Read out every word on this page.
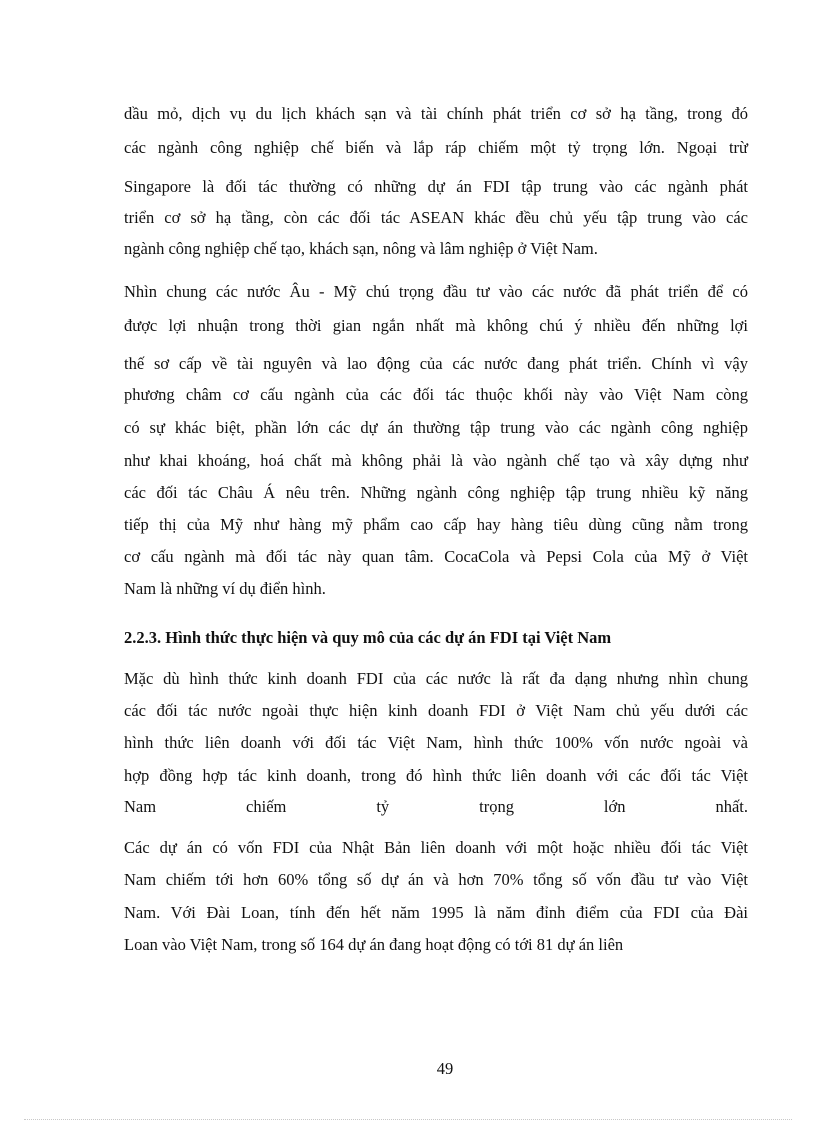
dầu mỏ, dịch vụ du lịch khách sạn và tài chính phát triển cơ sở hạ tầng, trong đó
các ngành công nghiệp chế biến và lắp ráp chiếm một tỷ trọng lớn. Ngoại trừ
Singapore là đối tác thường có những dự án FDI tập trung vào các ngành phát
triển cơ sở hạ tầng, còn các đối tác ASEAN khác đều chủ yếu tập trung vào các
ngành công nghiệp chế tạo, khách sạn, nông và lâm nghiệp ở Việt Nam.
Nhìn chung các nước Âu - Mỹ chú trọng đầu tư vào các nước đã phát triển để có
được lợi nhuận trong thời gian ngắn nhất mà không chú ý nhiều đến những lợi
thế sơ cấp về tài nguyên và lao động của các nước đang phát triển. Chính vì vậy
phương châm cơ cấu ngành của các đối tác thuộc khối này vào Việt Nam còng
có sự khác biệt, phần lớn các dự án thường tập trung vào các ngành công nghiệp
như khai khoáng, hoá chất mà không phải là vào ngành chế tạo và xây dựng như
các đối tác Châu Á nêu trên. Những ngành công nghiệp tập trung nhiều kỹ năng
tiếp thị của Mỹ như hàng mỹ phẩm cao cấp hay hàng tiêu dùng cũng nằm trong
cơ cấu ngành mà đối tác này quan tâm. CocaCola và Pepsi Cola của Mỹ ở Việt
Nam là những ví dụ điển hình.
2.2.3. Hình thức thực hiện và quy mô của các dự án FDI tại Việt Nam
Mặc dù hình thức kinh doanh FDI của các nước là rất đa dạng nhưng nhìn chung
các đối tác nước ngoài thực hiện kinh doanh FDI ở Việt Nam chủ yếu dưới các
hình thức liên doanh với đối tác Việt Nam, hình thức 100% vốn nước ngoài và
hợp đồng hợp tác kinh doanh, trong đó hình thức liên doanh với các đối tác Việt
Nam chiếm tỷ trọng lớn nhất.
Các dự án có vốn FDI của Nhật Bản liên doanh với một hoặc nhiều đối tác Việt
Nam chiếm tới hơn 60% tổng số dự án và hơn 70% tổng số vốn đầu tư vào Việt
Nam. Với Đài Loan, tính đến hết năm 1995 là năm đỉnh điểm của FDI của Đài
Loan vào Việt Nam, trong số 164 dự án đang hoạt động có tới 81 dự án liên
49
